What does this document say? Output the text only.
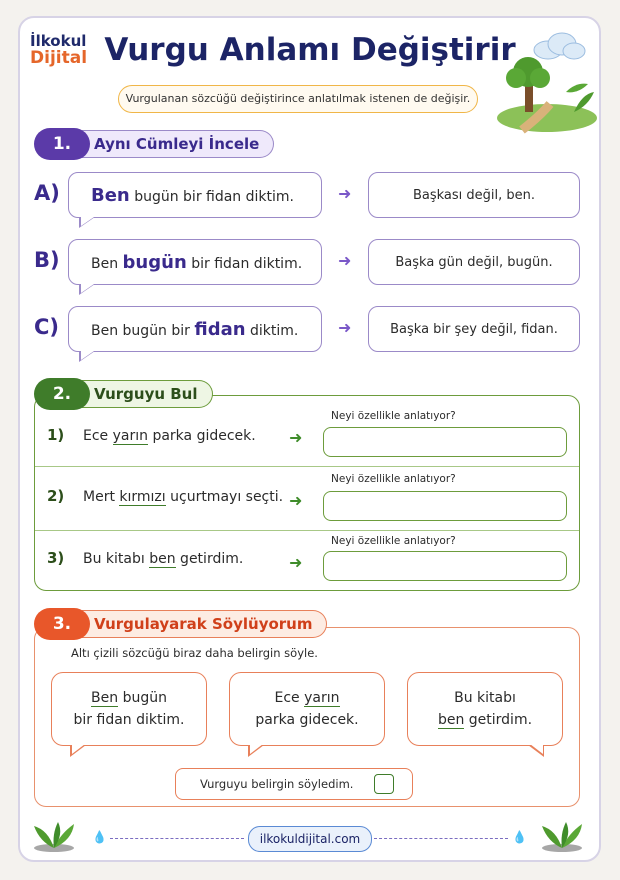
İlkokul
Dijital Vurgu Anlamı Değiştirir
Vurgulanan sözcüğü değiştirince anlatılmak istenen de değişir.
Aynı Cümleyi İncele
1.
A)	Ben bugün bir fidan diktim.	➜	Başkası değil, ben.
B)	Ben bugün bir fidan diktim.	➜	Başka gün değil, bugün.
C)	Ben bugün bir fidan diktim.	➜	Başka bir şey değil, fidan.
1) Ece yarın parka gidecek. ➜
Neyi özellikle anlatıyor?
2) Mert kırmızı uçurtmayı seçti. ➜
Neyi özellikle anlatıyor?
3) Bu kitabı ben getirdim.	➜
Neyi özellikle anlatıyor?
Vurguyu Bul
2.
Altı çizili sözcüğü biraz daha belirgin söyle.
Ben bugün
bir fidan diktim.
Ece yarın
parka gidecek.
Bu kitabı
ben getirdim.
Vurguyu belirgin söyledim.
Vurgulayarak Söylüyorum
3.
💧	ilkokuldijital.com	💧
